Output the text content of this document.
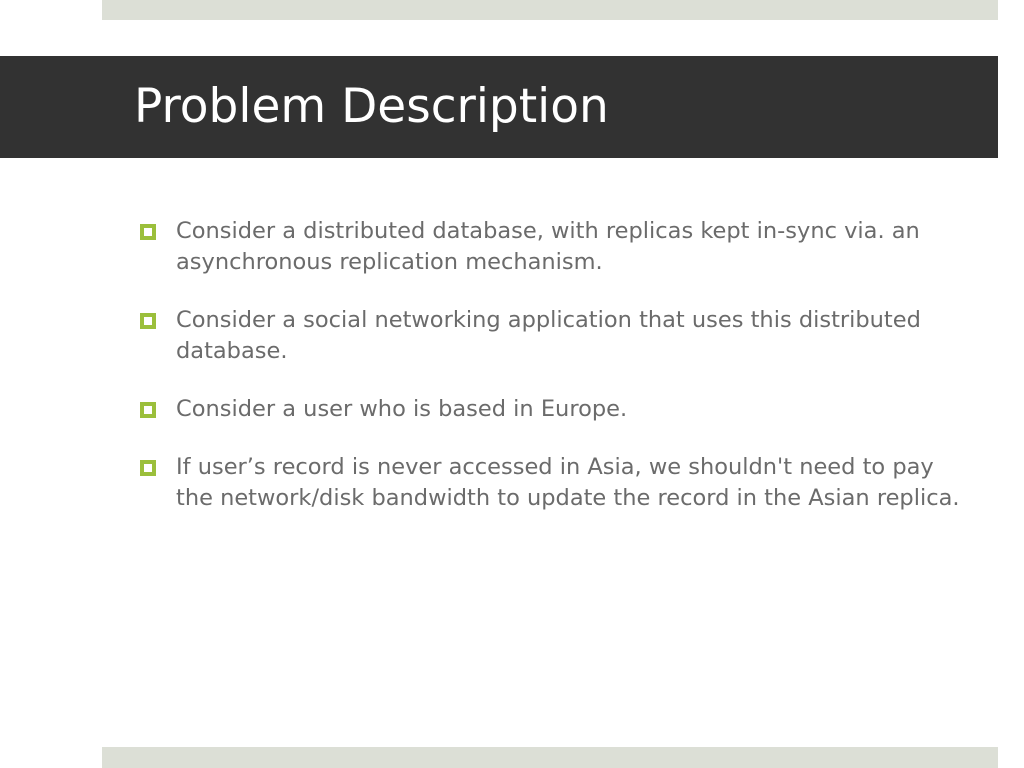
Problem Description
Consider a distributed database, with replicas kept in-sync via. an asynchronous replication mechanism.
Consider a social networking application that uses this distributed database.
Consider a user who is based in Europe.
If user’s record is never accessed in Asia, we shouldn't need to pay the network/disk bandwidth to update the record in the Asian replica.
